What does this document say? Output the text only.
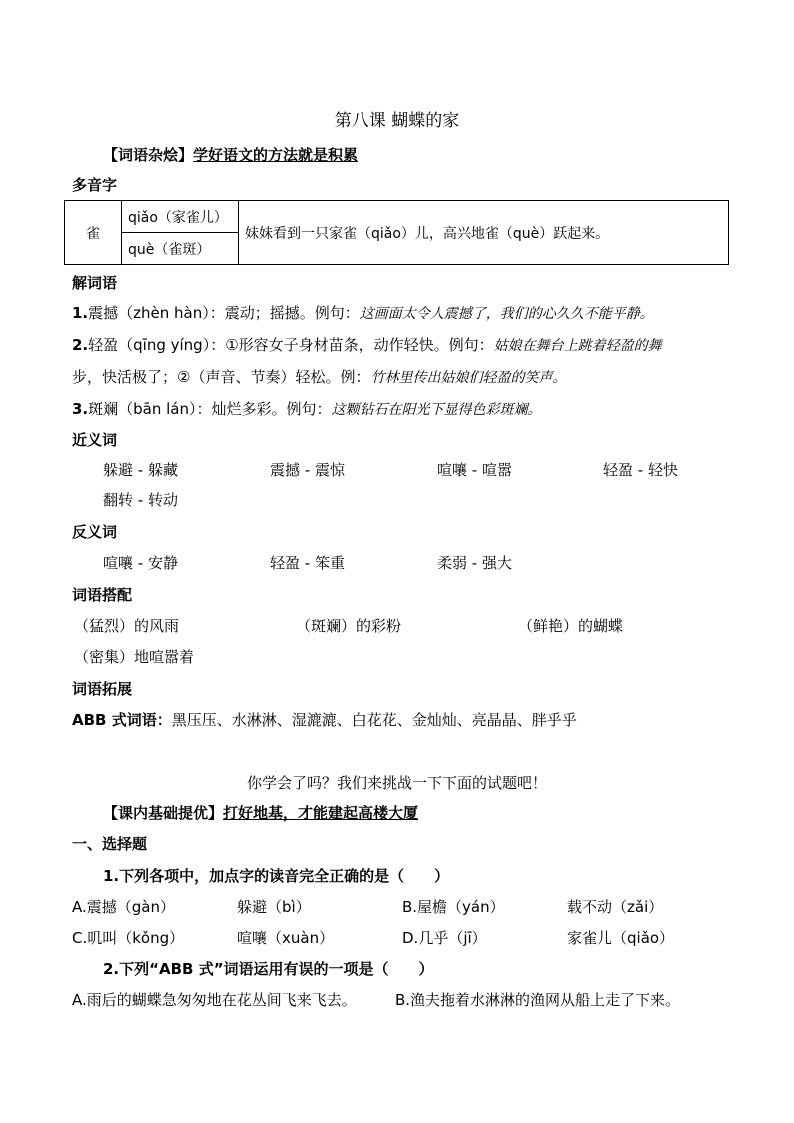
第八课 蝴蝶的家
【词语杂烩】学好语文的方法就是积累
多音字
雀	qiǎo（家雀儿）	妹妹看到一只家雀（qiǎo）儿，高兴地雀（què）跃起来。
què（雀斑）
解词语
1.震撼（zhèn hàn）：震动；摇撼。例句：这画面太令人震撼了，我们的心久久不能平静。
2.轻盈（qīng yíng）：①形容女子身材苗条，动作轻快。例句：姑娘在舞台上跳着轻盈的舞
步，快活极了；②（声音、节奏）轻松。例：竹林里传出姑娘们轻盈的笑声。
3.斑斓（bān lán）：灿烂多彩。例句：这颗钻石在阳光下显得色彩斑斓。
近义词
躲避 - 躲藏	震撼 - 震惊	喧嚷 - 喧嚣	轻盈 - 轻快
翻转 - 转动
反义词
喧嚷 - 安静	轻盈 - 笨重	柔弱 - 强大
词语搭配
（猛烈）的风雨	（斑斓）的彩粉	（鲜艳）的蝴蝶
（密集）地喧嚣着
词语拓展
ABB 式词语：黑压压、水淋淋、湿漉漉、白花花、金灿灿、亮晶晶、胖乎乎
你学会了吗？我们来挑战一下下面的试题吧！
【课内基础提优】打好地基，才能建起高楼大厦
一、选择题
1.下列各项中，加点字的读音完全正确的是（　　）
A.震撼（gàn）	躲避（bì）	B.屋檐（yán）	载不动（zǎi）
C.叽叫（kǒng）	喧嚷（xuàn）	D.几乎（jī）	家雀儿（qiǎo）
2.下列“ABB 式”词语运用有误的一项是（　　）
A.雨后的蝴蝶急匆匆地在花丛间飞来飞去。	B.渔夫拖着水淋淋的渔网从船上走了下来。
